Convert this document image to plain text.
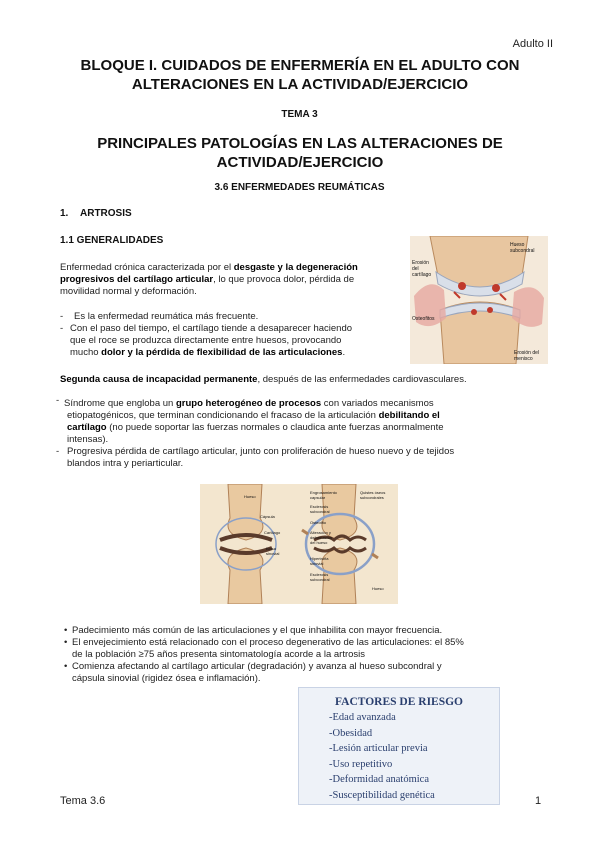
Adulto II
BLOQUE I. CUIDADOS DE ENFERMERÍA EN EL ADULTO CON
ALTERACIONES EN LA ACTIVIDAD/EJERCICIO
TEMA 3
PRINCIPALES PATOLOGÍAS EN LAS ALTERACIONES DE
ACTIVIDAD/EJERCICIO
3.6 ENFERMEDADES REUMÁTICAS
1. ARTROSIS
1.1 GENERALIDADES
Enfermedad crónica caracterizada por el desgaste y la degeneración
progresivos del cartílago articular, lo que provoca dolor, pérdida de
movilidad normal y deformación.
- Es la enfermedad reumática más frecuente.
- Con el paso del tiempo, el cartílago tiende a desaparecer haciendo
que el roce se produzca directamente entre huesos, provocando
mucho dolor y la pérdida de flexibilidad de las articulaciones.
Erosión del cartílago
Hueso subcondral
Osteofitos
Erosión del menisco
Segunda causa de incapacidad permanente, después de las enfermedades cardiovasculares.
- Síndrome que engloba un grupo heterogéneo de procesos con variados mecanismos
etiopatogénicos, que terminan condicionando el fracaso de la articulación debilitando el
cartílago (no puede soportar las fuerzas normales o claudica ante fuerzas anormalmente
intensas).
- Progresiva pérdida de cartílago articular, junto con proliferación de hueso nuevo y de tejidos
blandos intra y periarticular.
Hueso
Cápsula
Cartílago
Bolsa sinovial
Engrosamiento capsular
Esclerosis subcondral
Quistes óseos subcondrales
Osteofito
Alteración y deformación del hueso
Hipertrofia sinovial
Esclerosis subcondral
Hueso
• Padecimiento más común de las articulaciones y el que inhabilita con mayor frecuencia.
• El envejecimiento está relacionado con el proceso degenerativo de las articulaciones: el 85%
de la población ≥75 años presenta sintomatología acorde a la artrosis
• Comienza afectando al cartílago articular (degradación) y avanza al hueso subcondral y
cápsula sinovial (rigidez ósea e inflamación).
FACTORES DE RIESGO
-Edad avanzada
-Obesidad
-Lesión articular previa
-Uso repetitivo
-Deformidad anatómica
-Susceptibilidad genética
Tema 3.6	1
